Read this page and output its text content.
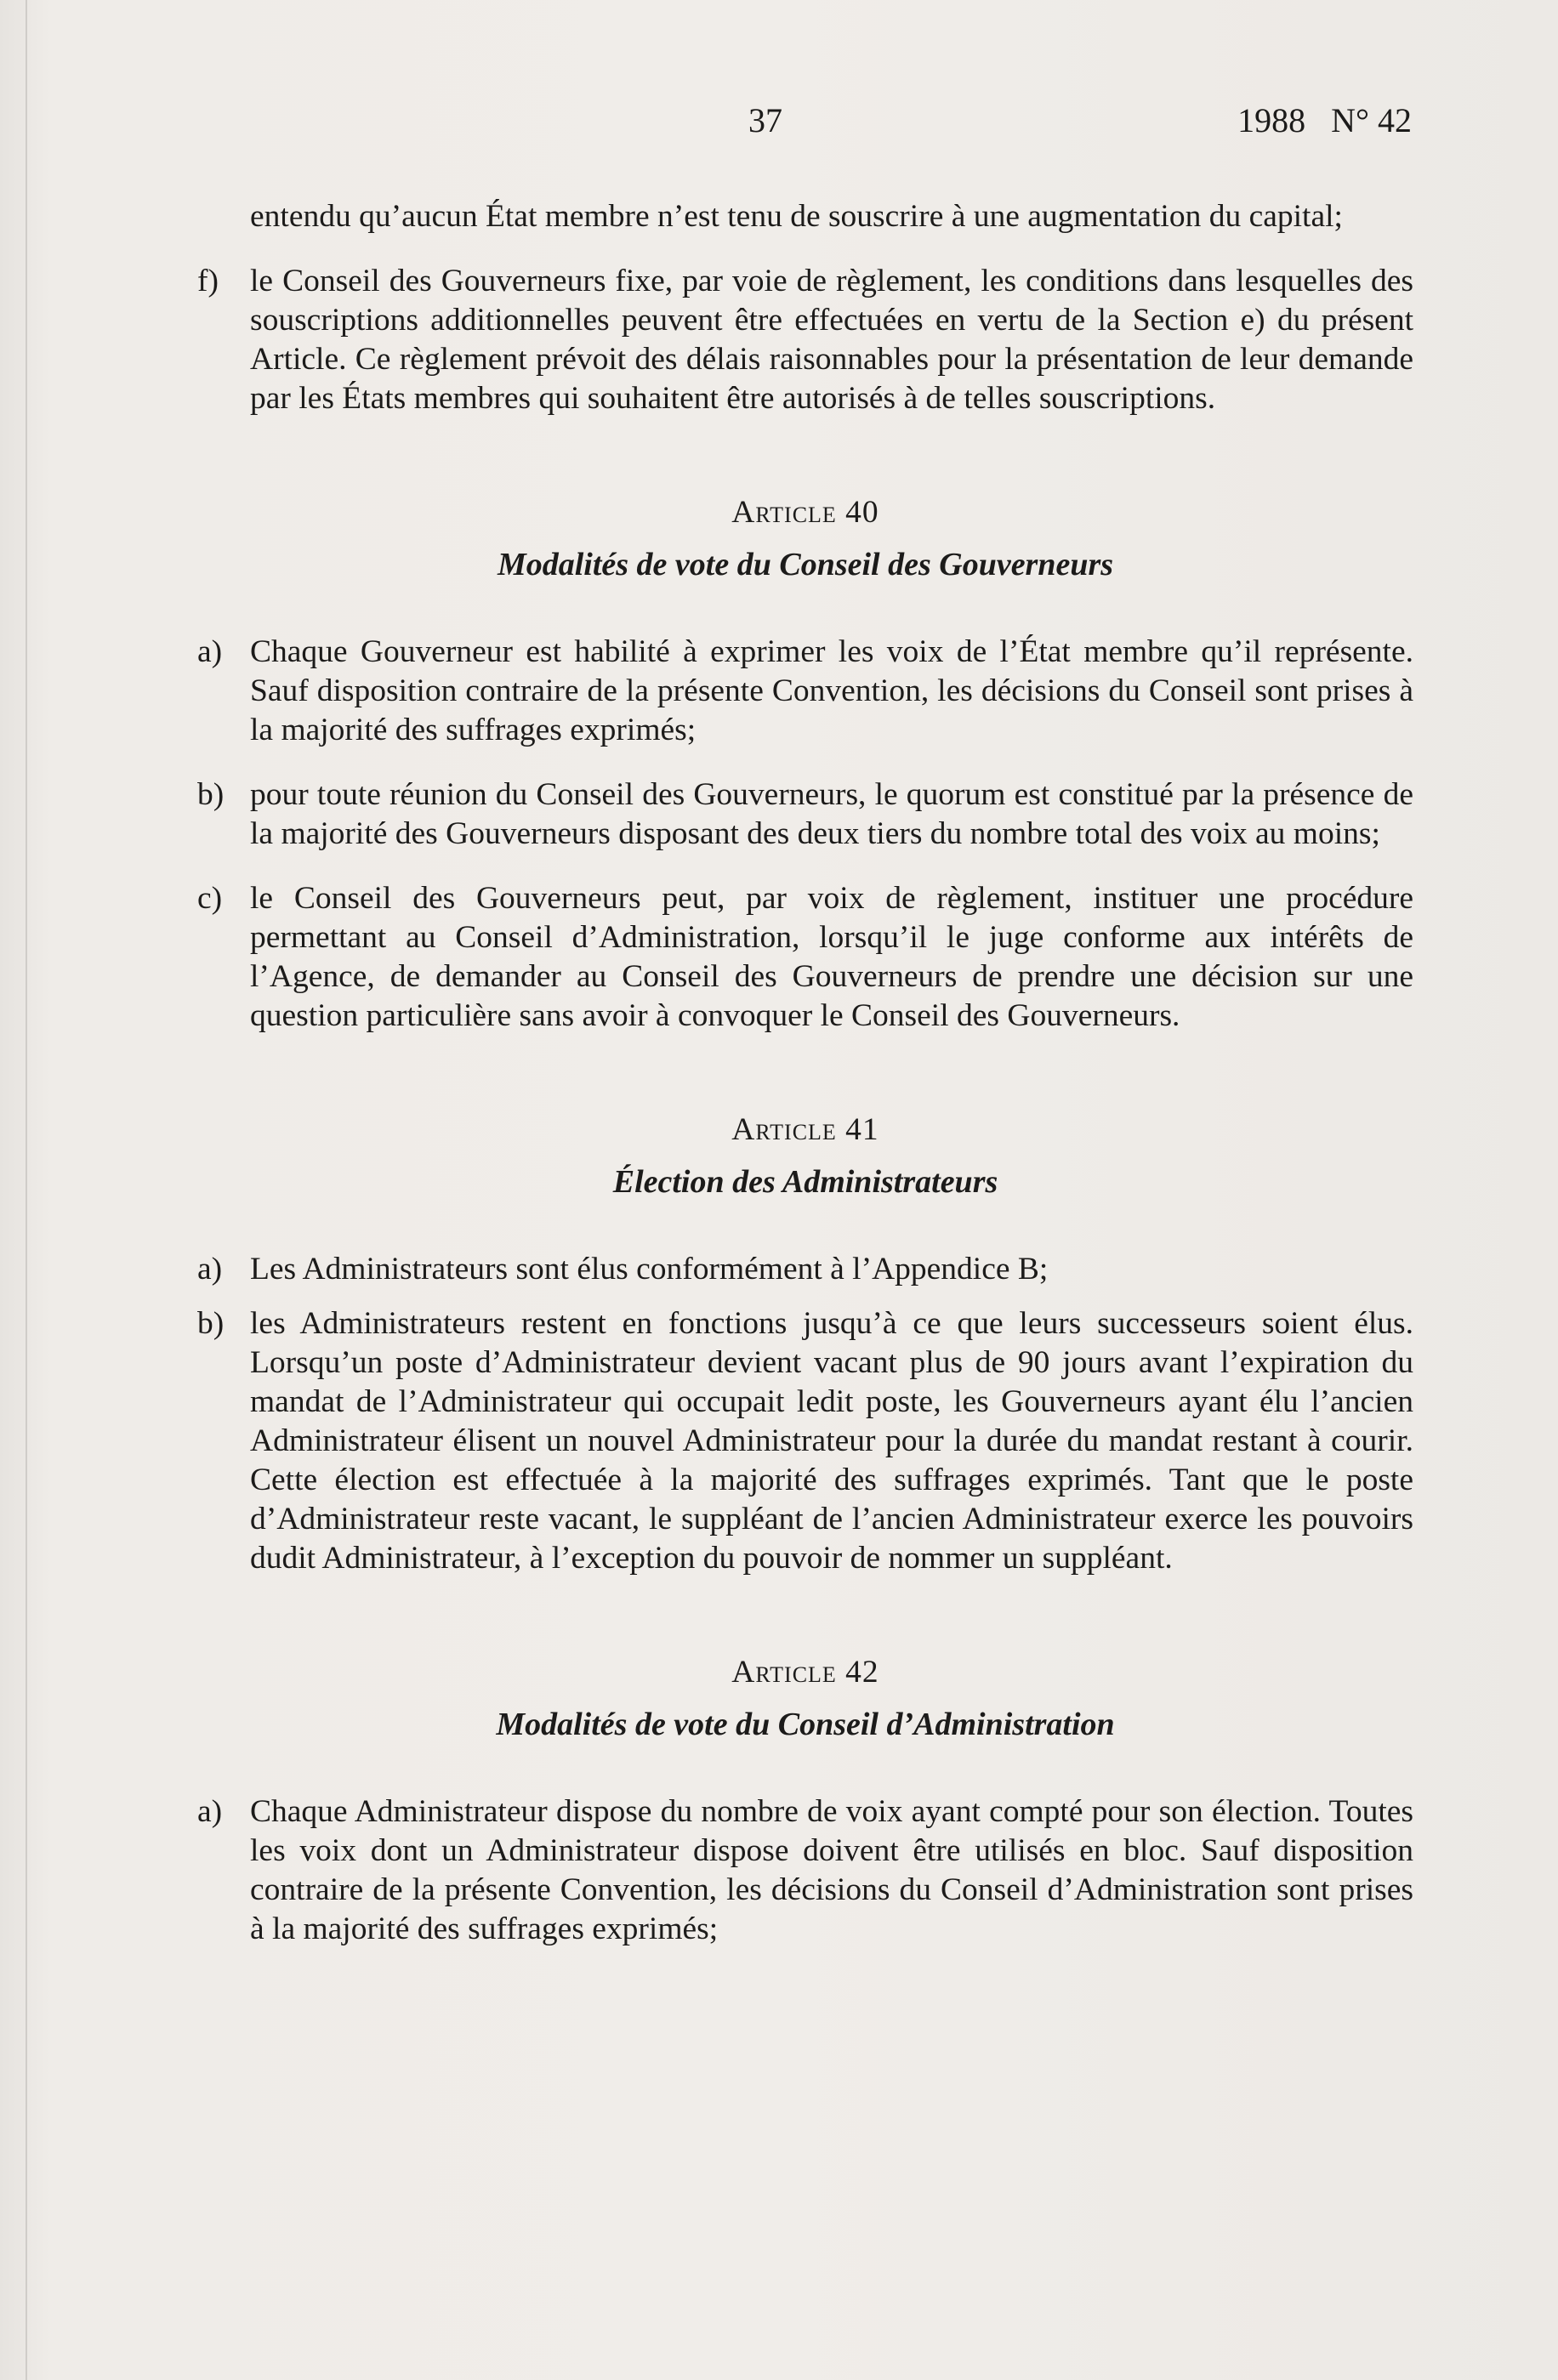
37	1988   N° 42

entendu qu’aucun État membre n’est tenu de souscrire à une augmentation du capital;

f) le Conseil des Gouverneurs fixe, par voie de règlement, les conditions dans lesquelles des souscriptions additionnelles peuvent être effectuées en vertu de la Section e) du présent Article. Ce règlement prévoit des délais raisonnables pour la présentation de leur demande par les États membres qui souhaitent être autorisés à de telles souscriptions.
Article 40
Modalités de vote du Conseil des Gouverneurs
a) Chaque Gouverneur est habilité à exprimer les voix de l’État membre qu’il représente. Sauf disposition contraire de la présente Convention, les décisions du Conseil sont prises à la majorité des suffrages exprimés;
b) pour toute réunion du Conseil des Gouverneurs, le quorum est constitué par la présence de la majorité des Gouverneurs disposant des deux tiers du nombre total des voix au moins;
c) le Conseil des Gouverneurs peut, par voix de règlement, instituer une procédure permettant au Conseil d’Administration, lorsqu’il le juge conforme aux intérêts de l’Agence, de demander au Conseil des Gouverneurs de prendre une décision sur une question particulière sans avoir à convoquer le Conseil des Gouverneurs.
Article 41
Élection des Administrateurs
a) Les Administrateurs sont élus conformément à l’Appendice B;
b) les Administrateurs restent en fonctions jusqu’à ce que leurs successeurs soient élus. Lorsqu’un poste d’Administrateur devient vacant plus de 90 jours avant l’expiration du mandat de l’Administrateur qui occupait ledit poste, les Gouverneurs ayant élu l’ancien Administrateur élisent un nouvel Administrateur pour la durée du mandat restant à courir. Cette élection est effectuée à la majorité des suffrages exprimés. Tant que le poste d’Administrateur reste vacant, le suppléant de l’ancien Administrateur exerce les pouvoirs dudit Administrateur, à l’exception du pouvoir de nommer un suppléant.
Article 42
Modalités de vote du Conseil d’Administration
a) Chaque Administrateur dispose du nombre de voix ayant compté pour son élection. Toutes les voix dont un Administrateur dispose doivent être utilisés en bloc. Sauf disposition contraire de la présente Convention, les décisions du Conseil d’Administration sont prises à la majorité des suffrages exprimés;
